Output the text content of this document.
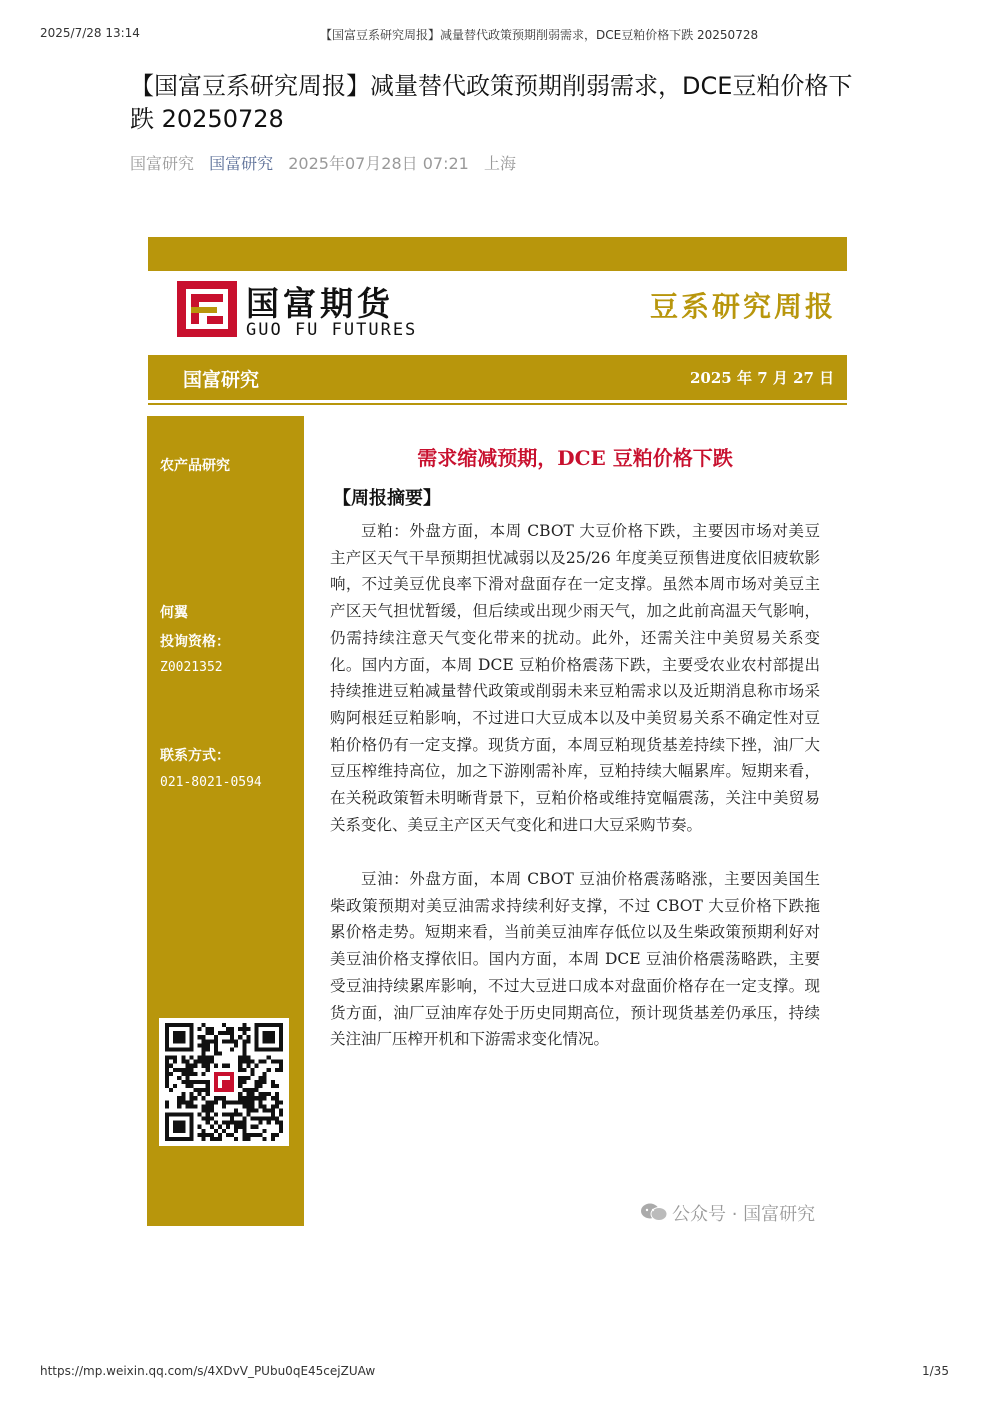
2025/7/28 13:14	【国富豆系研究周报】减量替代政策预期削弱需求，DCE豆粕价格下跌 20250728
【国富豆系研究周报】减量替代政策预期削弱需求，DCE豆粕价格下跌 20250728
国富研究 国富研究 2025年07月28日 07:21 上海
国富期货
GUO FU FUTURES
豆系研究周报
国富研究	2025 年 7 月 27 日
农产品研究
何翼
投询资格：
Z0021352
联系方式：
021-8021-0594
需求缩减预期，DCE 豆粕价格下跌
【周报摘要】

豆粕：外盘方面，本周 CBOT 大豆价格下跌，主要因市场对美豆主产区天气干旱预期担忧减弱以及25/26 年度美豆预售进度依旧疲软影响，不过美豆优良率下滑对盘面存在一定支撑。虽然本周市场对美豆主产区天气担忧暂缓，但后续或出现少雨天气，加之此前高温天气影响，仍需持续注意天气变化带来的扰动。此外，还需关注中美贸易关系变化。国内方面，本周 DCE 豆粕价格震荡下跌，主要受农业农村部提出持续推进豆粕减量替代政策或削弱未来豆粕需求以及近期消息称市场采购阿根廷豆粕影响，不过进口大豆成本以及中美贸易关系不确定性对豆粕价格仍有一定支撑。现货方面，本周豆粕现货基差持续下挫，油厂大豆压榨维持高位，加之下游刚需补库，豆粕持续大幅累库。短期来看，在关税政策暂未明晰背景下，豆粕价格或维持宽幅震荡，关注中美贸易关系变化、美豆主产区天气变化和进口大豆采购节奏。

豆油：外盘方面，本周 CBOT 豆油价格震荡略涨，主要因美国生柴政策预期对美豆油需求持续利好支撑，不过 CBOT 大豆价格下跌拖累价格走势。短期来看，当前美豆油库存低位以及生柴政策预期利好对美豆油价格支撑依旧。国内方面，本周 DCE 豆油价格震荡略跌，主要受豆油持续累库影响，不过大豆进口成本对盘面价格存在一定支撑。现货方面，油厂豆油库存处于历史同期高位，预计现货基差仍承压，持续关注油厂压榨开机和下游需求变化情况。

公众号 · 国富研究
https://mp.weixin.qq.com/s/4XDvV_PUbu0qE45cejZUAw	1/35
